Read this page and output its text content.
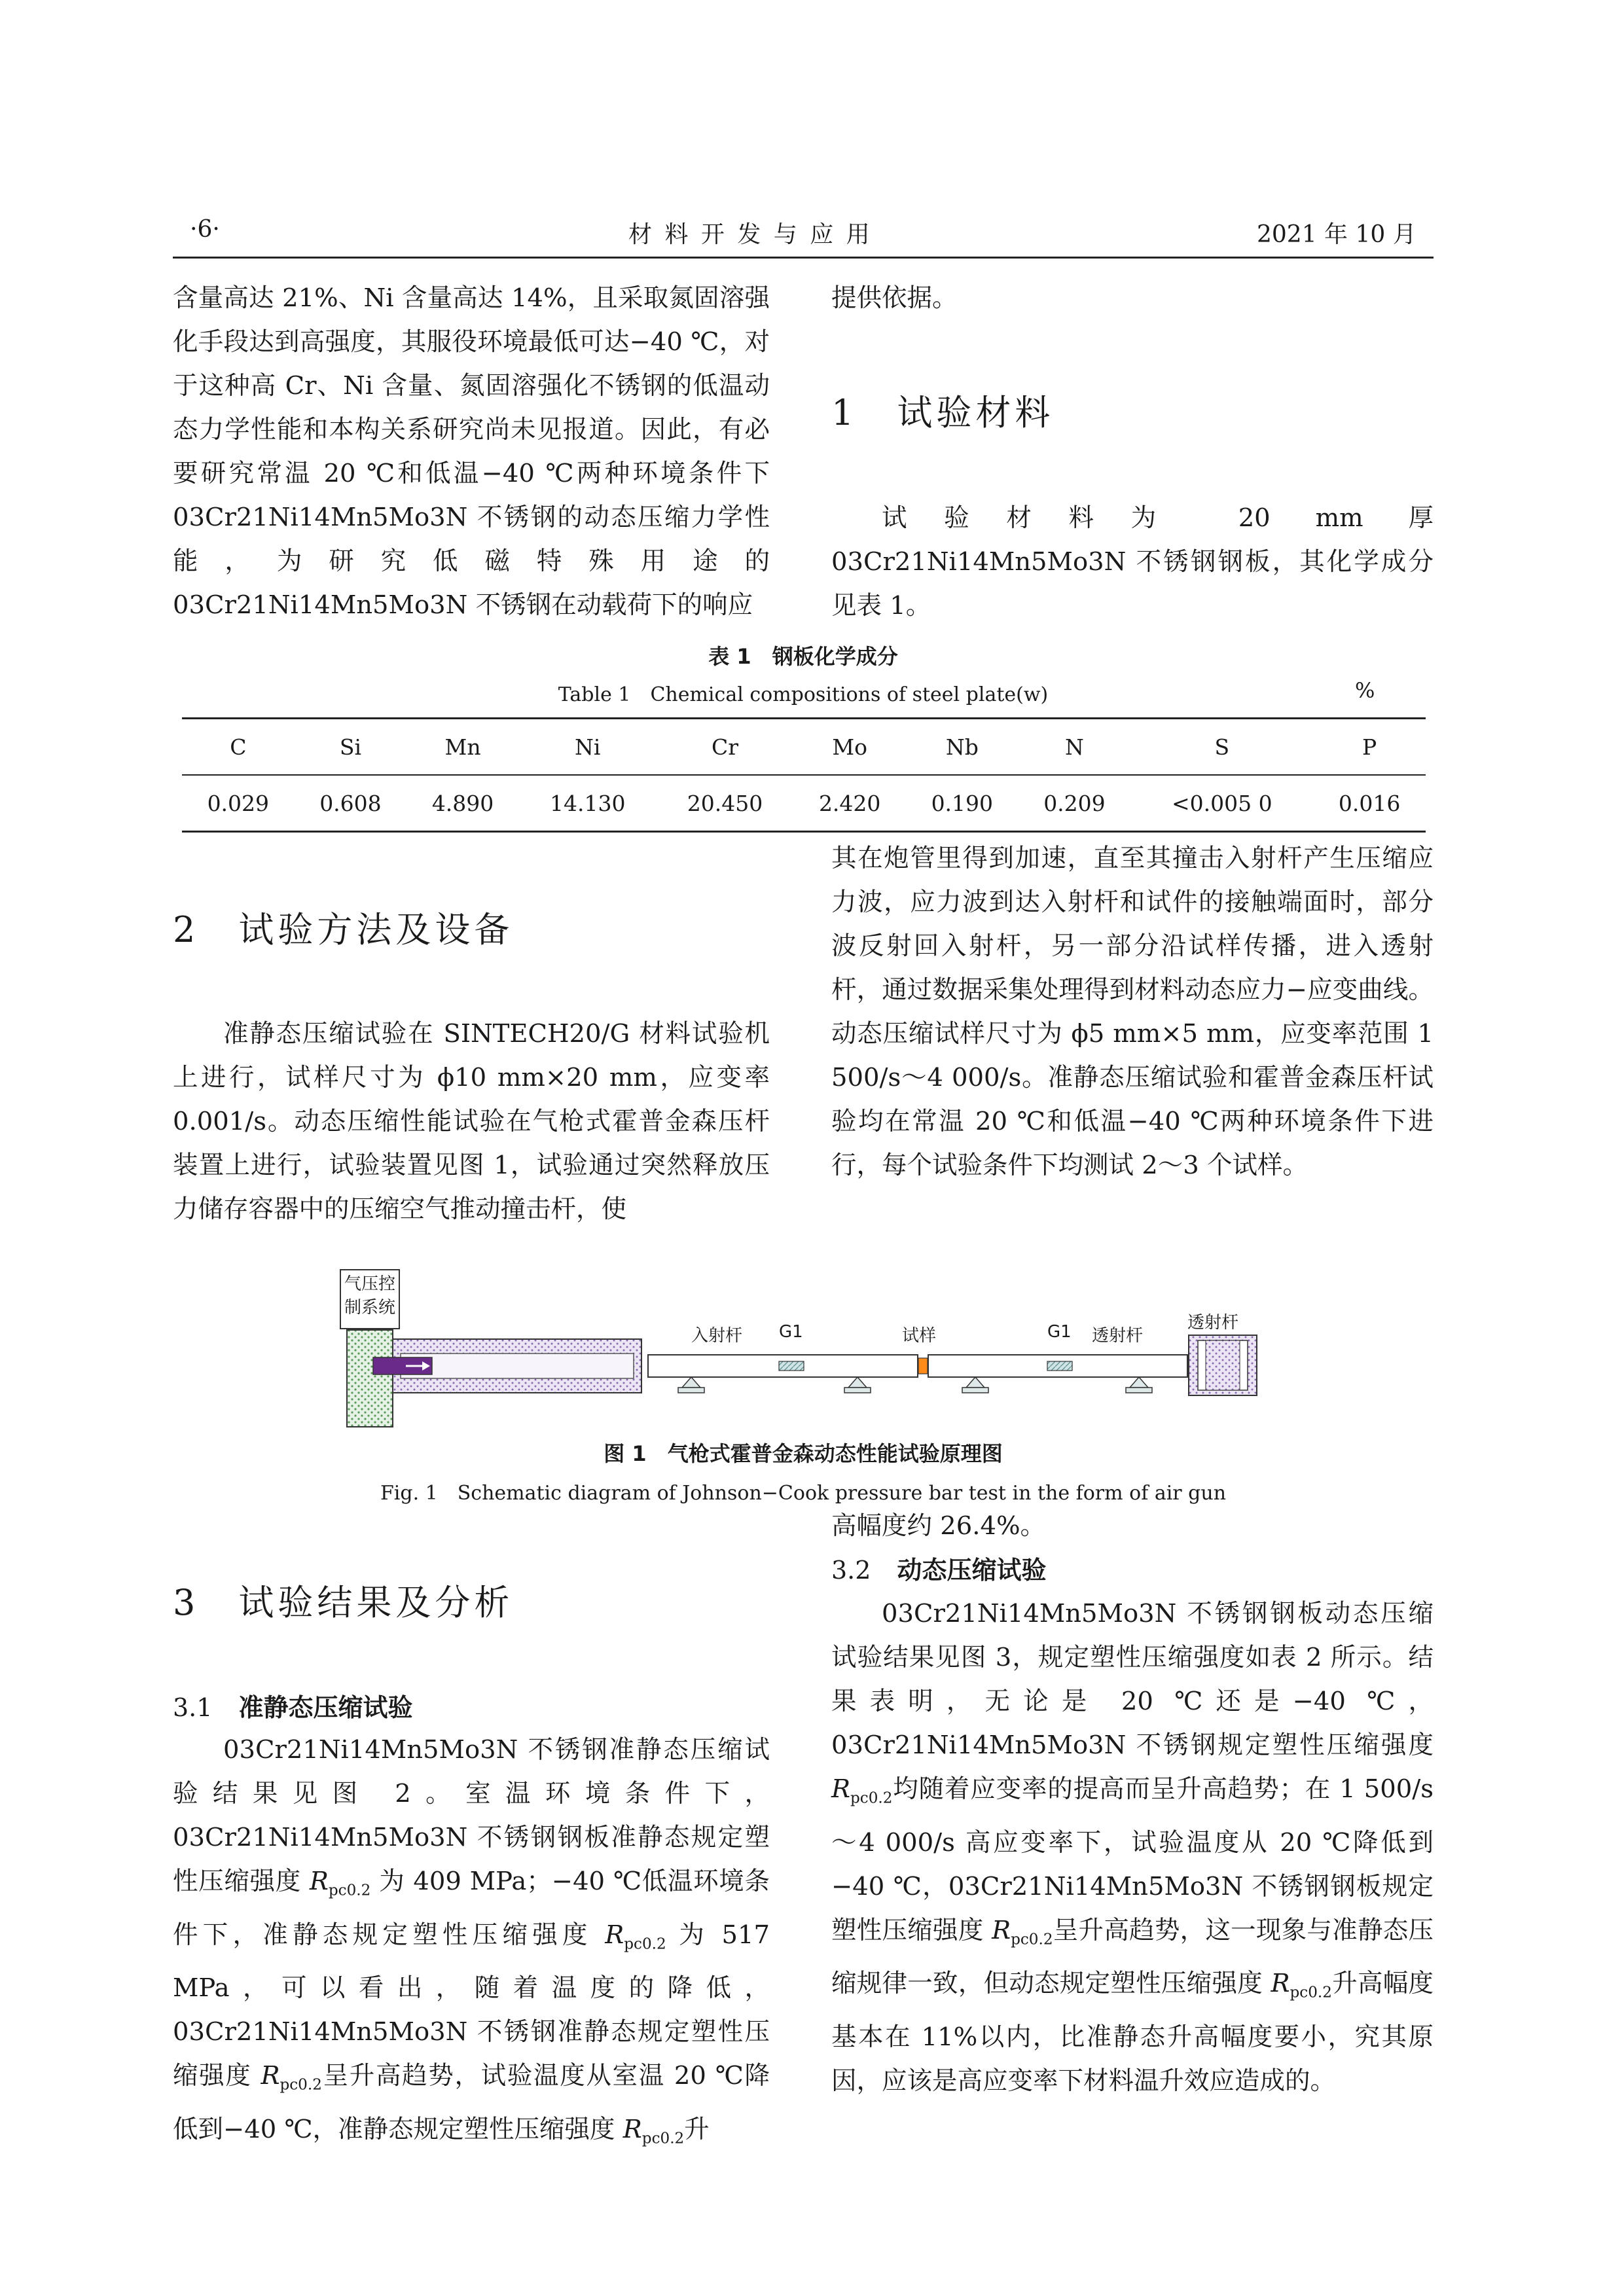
·6·	材 料 开 发 与 应 用	2021 年 10 月

含量高达 21%、Ni 含量高达 14%，且采取氮固溶强化手段达到高强度，其服役环境最低可达−40 ℃，对于这种高 Cr、Ni 含量、氮固溶强化不锈钢的低温动态力学性能和本构关系研究尚未见报道。因此，有必要研究常温 20 ℃和低温−40 ℃两种环境条件下 03Cr21Ni14Mn5Mo3N 不锈钢的动态压缩力学性能，为研究低磁特殊用途的 03Cr21Ni14Mn5Mo3N 不锈钢在动载荷下的响应

提供依据。

1　试验材料

试验材料为 20 mm 厚 03Cr21Ni14Mn5Mo3N 不锈钢钢板，其化学成分见表 1。

表 1　钢板化学成分
Table 1　Chemical compositions of steel plate(w)	%
C	Si	Mn	Ni	Cr	Mo	Nb	N	S	P
0.029	0.608	4.890	14.130	20.450	2.420	0.190	0.209	<0.005 0	0.016
2　试验方法及设备

准静态压缩试验在 SINTECH20/G 材料试验机上进行，试样尺寸为 ϕ10 mm×20 mm，应变率 0.001/s。动态压缩性能试验在气枪式霍普金森压杆装置上进行，试验装置见图 1，试验通过突然释放压力储存容器中的压缩空气推动撞击杆，使

其在炮管里得到加速，直至其撞击入射杆产生压缩应力波，应力波到达入射杆和试件的接触端面时，部分波反射回入射杆，另一部分沿试样传播，进入透射杆，通过数据采集处理得到材料动态应力−应变曲线。动态压缩试样尺寸为 ϕ5 mm×5 mm，应变率范围 1 500/s～4 000/s。准静态压缩试验和霍普金森压杆试验均在常温 20 ℃和低温−40 ℃两种环境条件下进行，每个试验条件下均测试 2～3 个试样。

气压控
制系统
入射杆 G1	试样	G1 透射杆
透射杆
图 1　气枪式霍普金森动态性能试验原理图
Fig. 1　Schematic diagram of Johnson−Cook pressure bar test in the form of air gun
3　试验结果及分析
3.1 准静态压缩试验

03Cr21Ni14Mn5Mo3N 不锈钢准静态压缩试验结果见图 2。室温环境条件下，03Cr21Ni14Mn5Mo3N 不锈钢钢板准静态规定塑性压缩强度 $R_{pc0.2}$ 为 409 MPa；−40 ℃低温环境条件下，准静态规定塑性压缩强度 $R_{pc0.2}$ 为 517 MPa，可以看出，随着温度的降低，03Cr21Ni14Mn5Mo3N 不锈钢准静态规定塑性压缩强度 $R_{pc0.2}$呈升高趋势，试验温度从室温 20 ℃降低到−40 ℃，准静态规定塑性压缩强度 $R_{pc0.2}$升

高幅度约 26.4%。

3.2 动态压缩试验

03Cr21Ni14Mn5Mo3N 不锈钢钢板动态压缩试验结果见图 3，规定塑性压缩强度如表 2 所示。结果表明，无论是 20 ℃还是−40 ℃，03Cr21Ni14Mn5Mo3N 不锈钢规定塑性压缩强度 $R_{pc0.2}$均随着应变率的提高而呈升高趋势；在 1 500/s～4 000/s 高应变率下，试验温度从 20 ℃降低到−40 ℃，03Cr21Ni14Mn5Mo3N 不锈钢钢板规定塑性压缩强度 $R_{pc0.2}$呈升高趋势，这一现象与准静态压缩规律一致，但动态规定塑性压缩强度 $R_{pc0.2}$升高幅度基本在 11%以内，比准静态升高幅度要小，究其原因，应该是高应变率下材料温升效应造成的。
